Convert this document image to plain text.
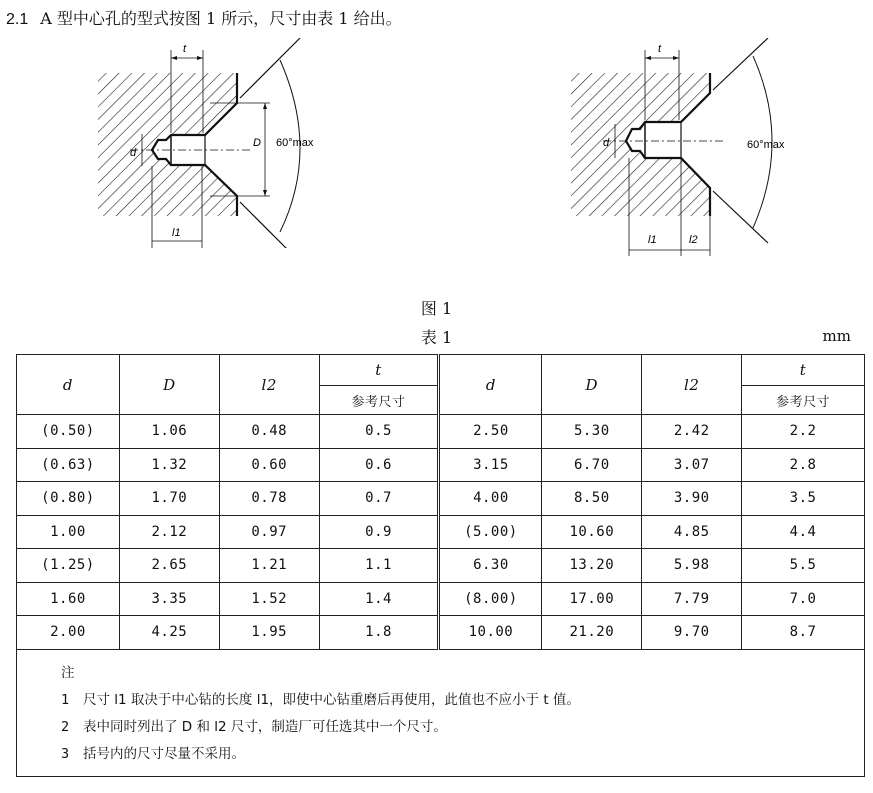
2.1 A 型中心孔的型式按图 1 所示，尺寸由表 1 给出。
t
d
D 60°max
l1
t
d	60°max
l1	l2
图 1
表 1	mm
d	D	l2	t	d	D	l2	t
			参考尺寸				参考尺寸
(0.50)	1.06	0.48	0.5	2.50	5.30	2.42	2.2
(0.63)	1.32	0.60	0.6	3.15	6.70	3.07	2.8
(0.80)	1.70	0.78	0.7	4.00	8.50	3.90	3.5
1.00	2.12	0.97	0.9	(5.00)	10.60	4.85	4.4
(1.25)	2.65	1.21	1.1	6.30	13.20	5.98	5.5
1.60	3.35	1.52	1.4	(8.00)	17.00	7.79	7.0
2.00	4.25	1.95	1.8	10.00	21.20	9.70	8.7

注
1 尺寸 l1 取决于中心钻的长度 l1，即使中心钻重磨后再使用，此值也不应小于 t 值。
2 表中同时列出了 D 和 l2 尺寸，制造厂可任选其中一个尺寸。
3 括号内的尺寸尽量不采用。							
